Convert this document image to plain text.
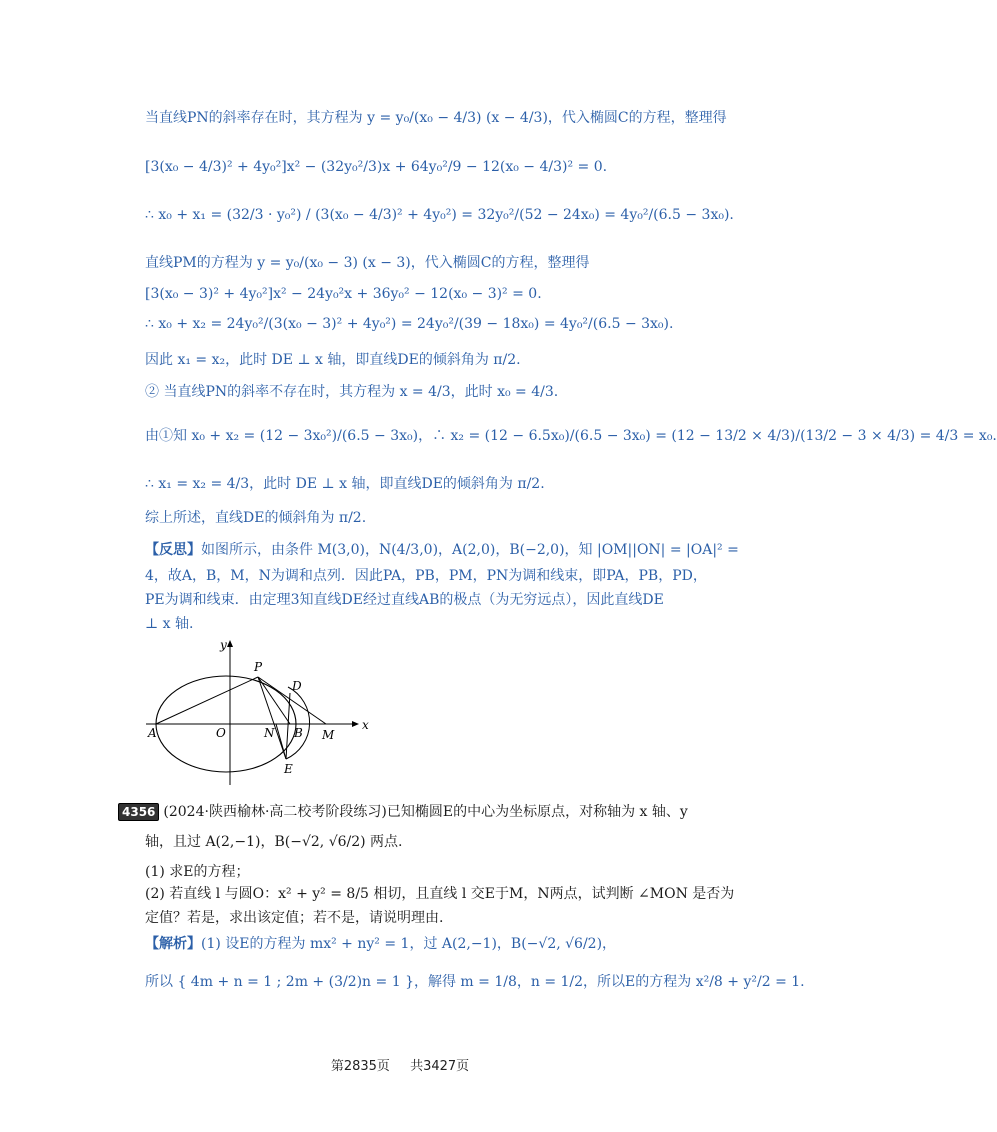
当直线PN的斜率存在时，其方程为 y = y₀/(x₀ − 4/3) (x − 4/3)，代入椭圆C的方程，整理得
[3(x₀ − 4/3)² + 4y₀²]x² − (32y₀²/3)x + 64y₀²/9 − 12(x₀ − 4/3)² = 0.
∴ x₀ + x₁ = (32/3 · y₀²) / (3(x₀ − 4/3)² + 4y₀²) = 32y₀²/(52 − 24x₀) = 4y₀²/(6.5 − 3x₀).
直线PM的方程为 y = y₀/(x₀ − 3) (x − 3)，代入椭圆C的方程，整理得
[3(x₀ − 3)² + 4y₀²]x² − 24y₀²x + 36y₀² − 12(x₀ − 3)² = 0.
∴ x₀ + x₂ = 24y₀²/(3(x₀ − 3)² + 4y₀²) = 24y₀²/(39 − 18x₀) = 4y₀²/(6.5 − 3x₀).
因此 x₁ = x₂，此时 DE ⊥ x 轴，即直线DE的倾斜角为 π/2.
② 当直线PN的斜率不存在时，其方程为 x = 4/3，此时 x₀ = 4/3.
由①知 x₀ + x₂ = (12 − 3x₀²)/(6.5 − 3x₀)，∴ x₂ = (12 − 6.5x₀)/(6.5 − 3x₀) = (12 − 13/2 × 4/3)/(13/2 − 3 × 4/3) = 4/3 = x₀.
∴ x₁ = x₂ = 4/3，此时 DE ⊥ x 轴，即直线DE的倾斜角为 π/2.
综上所述，直线DE的倾斜角为 π/2.
【反思】如图所示，由条件 M(3,0)，N(4/3,0)，A(2,0)，B(−2,0)，知 |OM||ON| = |OA|² =
4，故A，B，M，N为调和点列．因此PA，PB，PM，PN为调和线束，即PA，PB，PD，
PE为调和线束．由定理3知直线DE经过直线AB的极点（为无穷远点），因此直线DE
⊥ x 轴.
4356 (2024·陕西榆林·高二校考阶段练习)已知椭圆E的中心为坐标原点，对称轴为 x 轴、y
轴，且过 A(2,−1)，B(−√2, √6/2) 两点.
(1) 求E的方程；
(2) 若直线 l 与圆O：x² + y² = 8/5 相切，且直线 l 交E于M，N两点，试判断 ∠MON 是否为
定值？若是，求出该定值；若不是，请说明理由.
【解析】(1) 设E的方程为 mx² + ny² = 1，过 A(2,−1)，B(−√2, √6/2)，
所以 { 4m + n = 1 ; 2m + (3/2)n = 1 }，解得 m = 1/8，n = 1/2，所以E的方程为 x²/8 + y²/2 = 1.
y
x
P
D
A	O	N B M
E
第2835页 共3427页
